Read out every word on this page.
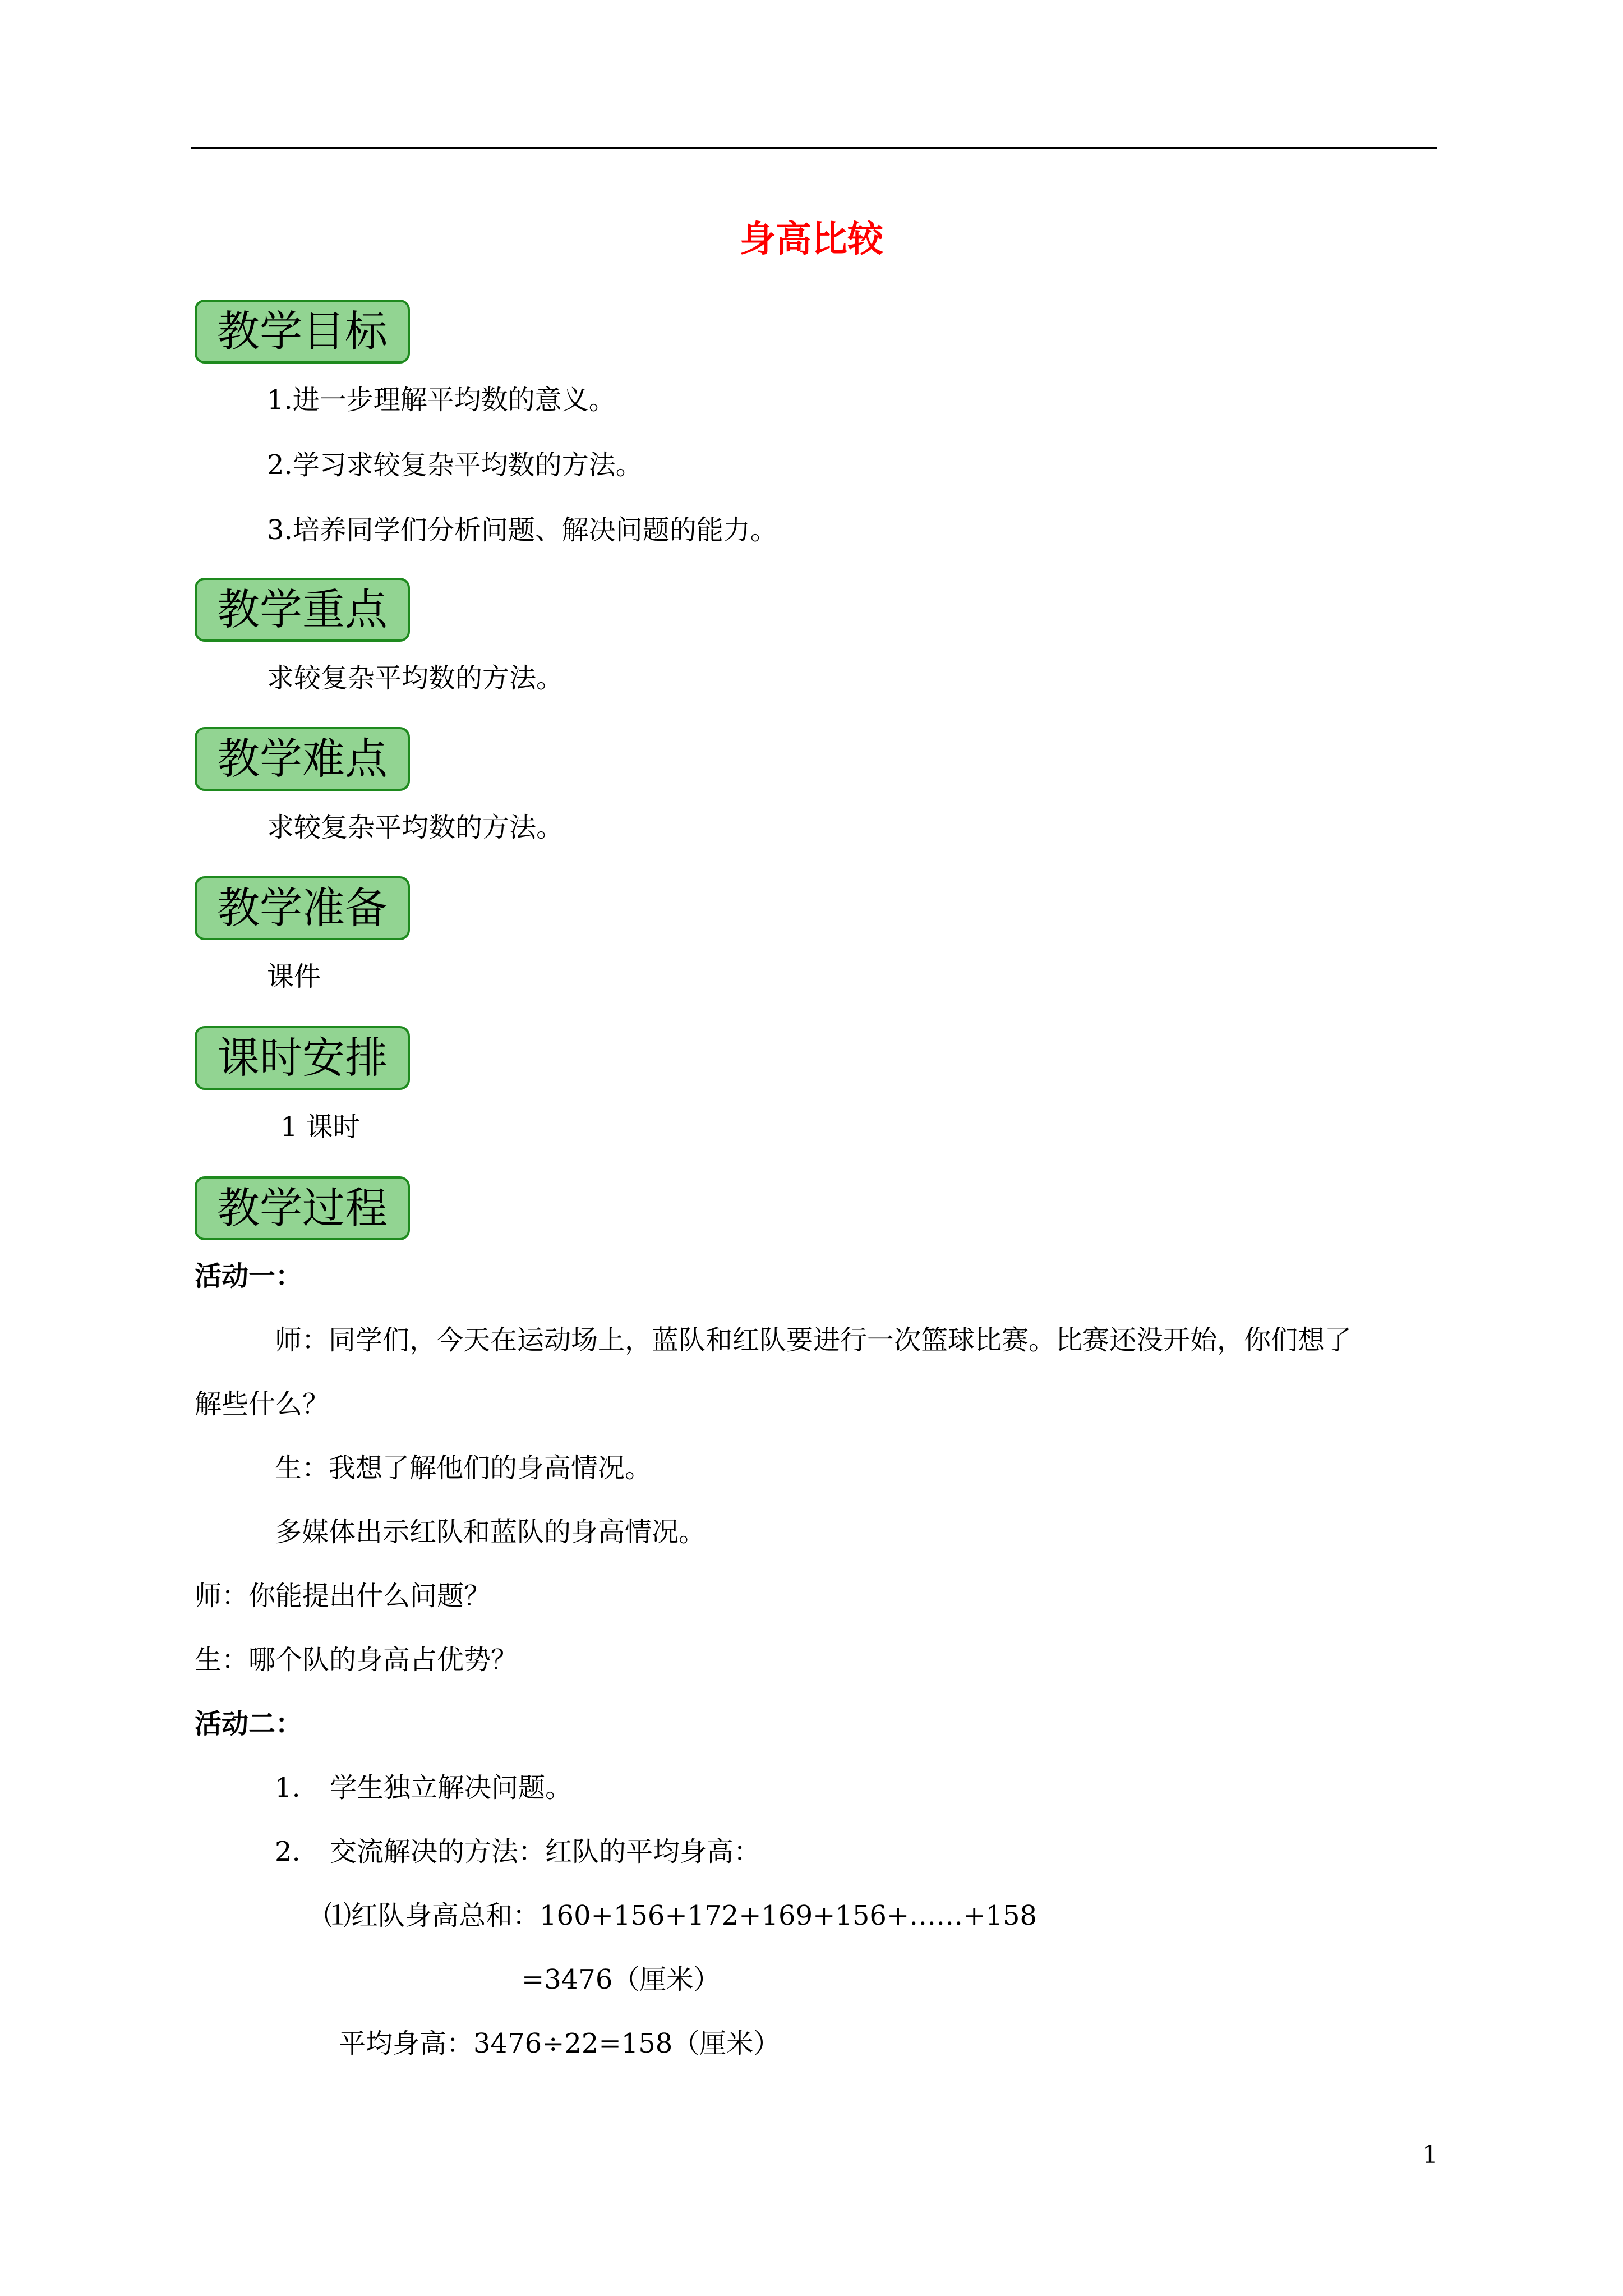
身高比较
教学目标
1.进一步理解平均数的意义。
2.学习求较复杂平均数的方法。
3.培养同学们分析问题、解决问题的能力。
教学重点
求较复杂平均数的方法。
教学难点
求较复杂平均数的方法。
教学准备
课件
课时安排
1 课时
教学过程
活动一：
师：同学们，今天在运动场上，蓝队和红队要进行一次篮球比赛。比赛还没开始，你们想了
解些什么？
生：我想了解他们的身高情况。
多媒体出示红队和蓝队的身高情况。
师：你能提出什么问题？
生：哪个队的身高占优势？
活动二：
1. 学生独立解决问题。
2. 交流解决的方法：红队的平均身高：
⑴红队身高总和：160+156+172+169+156+……+158
=3476（厘米）
平均身高：3476÷22=158（厘米）
1
